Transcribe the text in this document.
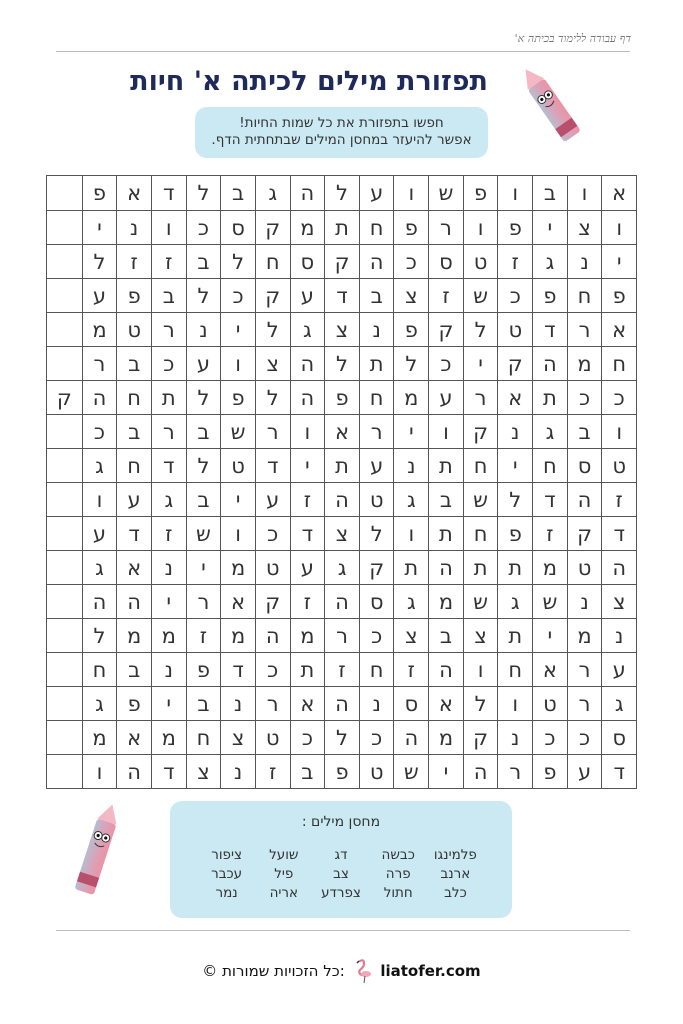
דף עבודה ללימוד בכיתה א'
תפזורת מילים לכיתה א' חיות
חפשו בתפזורת את כל שמות החיות!
אפשר להיעזר במחסן המילים שבתחתית הדף.
א
ו
ב
ו
פ
ש
ו
ע
ל
ה
ג
ב
ל
ד
א
פ
ו
צ
י
פ
ו
ר
פ
ח
ת
מ
ק
ס
כ
ו
נ
י
י
נ
ג
ז
ט
ס
כ
ה
ק
ס
ח
ל
ב
ז
ז
ל
פ
ח
פ
כ
ש
ז
צ
ב
ד
ע
ק
כ
ל
ב
פ
ע
א
ר
ד
ט
ל
ק
פ
נ
צ
ג
ל
י
נ
ר
ט
מ
ח
מ
ה
ק
י
כ
ל
ת
ל
ה
צ
ו
ע
כ
ב
ר
כ
כ
ת
א
ר
ע
מ
ח
פ
ה
ל
פ
ל
ת
ח
ה
ק
ו
ב
ג
נ
ק
ו
י
ר
א
ו
ר
ש
ב
ר
ב
כ
ט
ס
ח
י
ח
ת
נ
ע
ת
י
ד
ט
ל
ד
ח
ג
ז
ה
ד
ל
ש
ב
ג
ט
ה
ז
ע
י
ב
ג
ע
ו
ד
ק
ז
פ
ח
ת
ו
ל
צ
ד
כ
ו
ש
ז
ד
ע
ה
ט
מ
ת
ת
ה
ת
ק
ג
ע
ט
מ
י
נ
א
ג
צ
נ
ש
ג
ש
מ
ג
ס
ה
ז
ק
א
ר
י
ה
ה
נ
מ
י
ת
צ
ב
צ
כ
ר
מ
ה
מ
ז
מ
מ
ל
ע
ר
א
ח
ו
ה
ז
ח
ז
ת
כ
ד
פ
נ
ב
ח
ג
ר
ט
ו
ל
א
ס
נ
ה
א
ר
נ
ב
י
פ
ג
ס
כ
כ
נ
ק
מ
ה
כ
ל
כ
ט
צ
ח
מ
א
מ
ד
ע
פ
ר
ה
י
ש
ט
פ
ב
ז
נ
צ
ד
ה
ו
מחסן מילים :
פלמינגו
כבשה
דג
שועל
ציפור
ארנב
פרה
צב
פיל
עכבר
כלב
חתול
צפרדע
אריה
נמר
© כל הזכויות שמורות: liatofer.com
